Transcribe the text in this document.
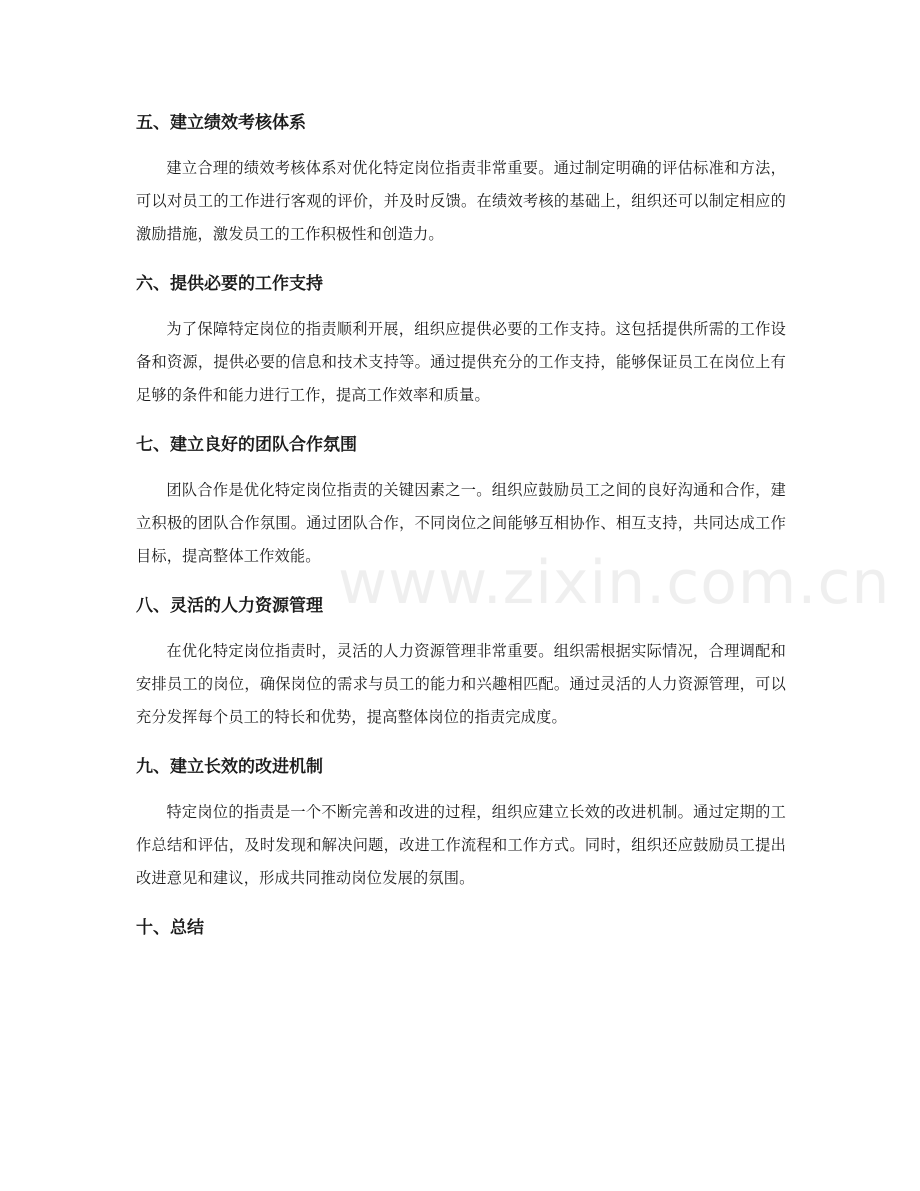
五、建立绩效考核体系

建立合理的绩效考核体系对优化特定岗位指责非常重要。通过制定明确的评估标准和方法，可以对员工的工作进行客观的评价，并及时反馈。在绩效考核的基础上，组织还可以制定相应的激励措施，激发员工的工作积极性和创造力。

六、提供必要的工作支持

为了保障特定岗位的指责顺利开展，组织应提供必要的工作支持。这包括提供所需的工作设备和资源，提供必要的信息和技术支持等。通过提供充分的工作支持，能够保证员工在岗位上有足够的条件和能力进行工作，提高工作效率和质量。

七、建立良好的团队合作氛围

团队合作是优化特定岗位指责的关键因素之一。组织应鼓励员工之间的良好沟通和合作，建立积极的团队合作氛围。通过团队合作，不同岗位之间能够互相协作、相互支持，共同达成工作目标，提高整体工作效能。

八、灵活的人力资源管理

在优化特定岗位指责时，灵活的人力资源管理非常重要。组织需根据实际情况，合理调配和安排员工的岗位，确保岗位的需求与员工的能力和兴趣相匹配。通过灵活的人力资源管理，可以充分发挥每个员工的特长和优势，提高整体岗位的指责完成度。

九、建立长效的改进机制

特定岗位的指责是一个不断完善和改进的过程，组织应建立长效的改进机制。通过定期的工作总结和评估，及时发现和解决问题，改进工作流程和工作方式。同时，组织还应鼓励员工提出改进意见和建议，形成共同推动岗位发展的氛围。

十、总结
www.zixin.com.cn
